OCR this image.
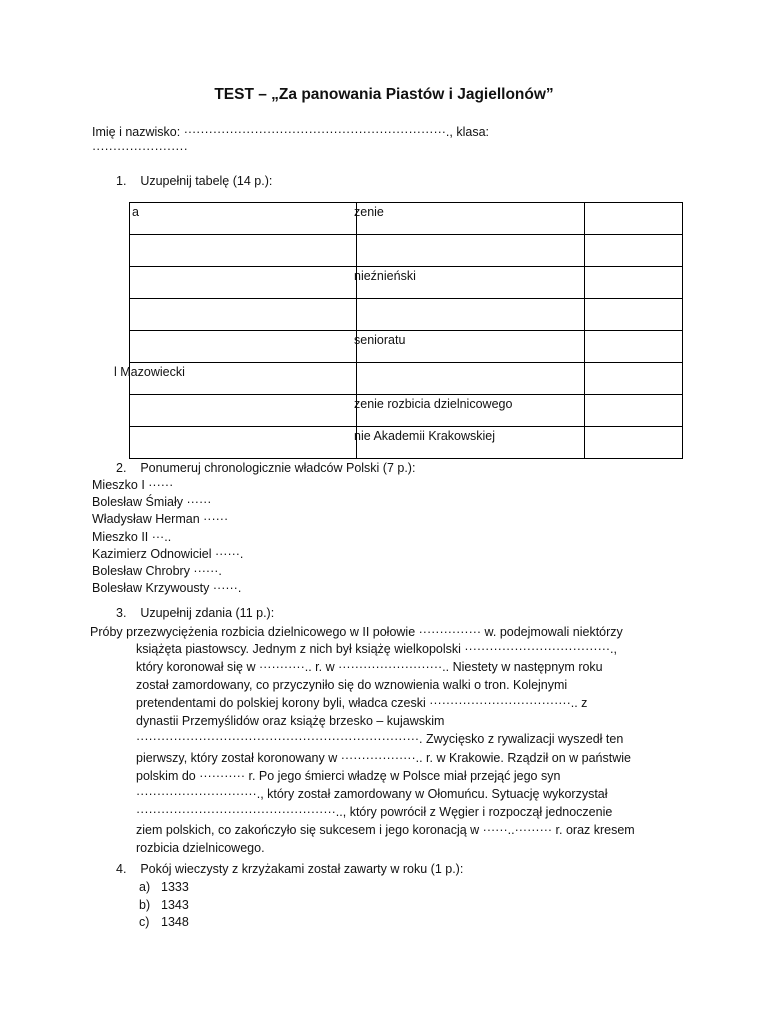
TEST – „Za panowania Piastów i Jagiellonów”
Imię i nazwisko: ·······························································., klasa:
·······················
1.    Uzupełnij tabelę (14 p.):
a	zenie	

	nieźnieński	

	senioratu	

l Mazowiecki		

	zenie rozbicia dzielnicowego	

	nie Akademii Krakowskiej	

2.    Ponumeruj chronologicznie władców Polski (7 p.):
Mieszko I ······
Bolesław Śmiały ······
Władysław Herman ······
Mieszko II ···..
Kazimierz Odnowiciel ······.
Bolesław Chrobry ······.
Bolesław Krzywousty ······.
3.    Uzupełnij zdania (11 p.):
Próby przezwyciężenia rozbicia dzielnicowego w II połowie ··············· w. podejmowali niektórzy
książęta piastowscy. Jednym z nich był książę wielkopolski ···································.,
który koronował się w ···········.. r. w ·························.. Niestety w następnym roku
został zamordowany, co przyczyniło się do wznowienia walki o tron. Kolejnymi
pretendentami do polskiej korony byli, władca czeski ··································.. z
dynastii Przemyślidów oraz książę brzesko – kujawskim
····································································. Zwycięsko z rywalizacji wyszedł ten
pierwszy, który został koronowany w ··················.. r. w Krakowie. Rządził on w państwie
polskim do ··········· r. Po jego śmierci władzę w Polsce miał przejąć jego syn
·····························., który został zamordowany w Ołomuńcu. Sytuację wykorzystał
················································.., który powrócił z Węgier i rozpoczął jednoczenie
ziem polskich, co zakończyło się sukcesem i jego koronacją w ······..········· r. oraz kresem
rozbicia dzielnicowego.
4.    Pokój wieczysty z krzyżakami został zawarty w roku (1 p.):
a) 1333
b) 1343
c) 1348
